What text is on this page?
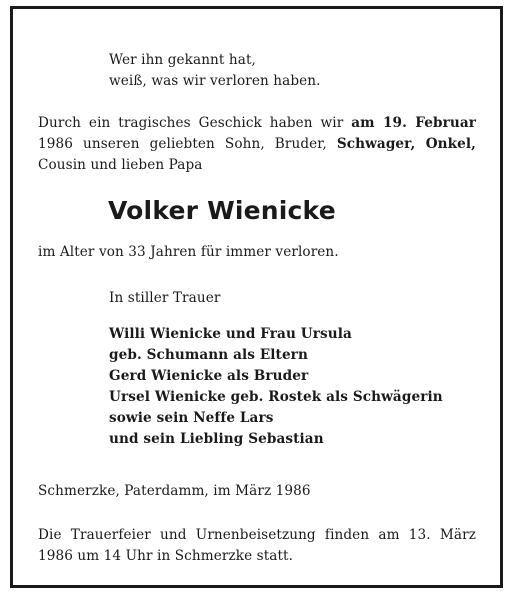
Wer ihn gekannt hat,
weiß, was wir verloren haben.
Durch ein tragisches Geschick haben wir am 19. Februar
1986 unseren geliebten Sohn, Bruder, Schwager, Onkel,
Cousin und lieben Papa
Volker Wienicke
im Alter von 33 Jahren für immer verloren.
In stiller Trauer
Willi Wienicke und Frau Ursula
geb. Schumann als Eltern
Gerd Wienicke als Bruder
Ursel Wienicke geb. Rostek als Schwägerin
sowie sein Neffe Lars
und sein Liebling Sebastian
Schmerzke, Paterdamm, im März 1986
Die Trauerfeier und Urnenbeisetzung finden am 13. März
1986 um 14 Uhr in Schmerzke statt.
